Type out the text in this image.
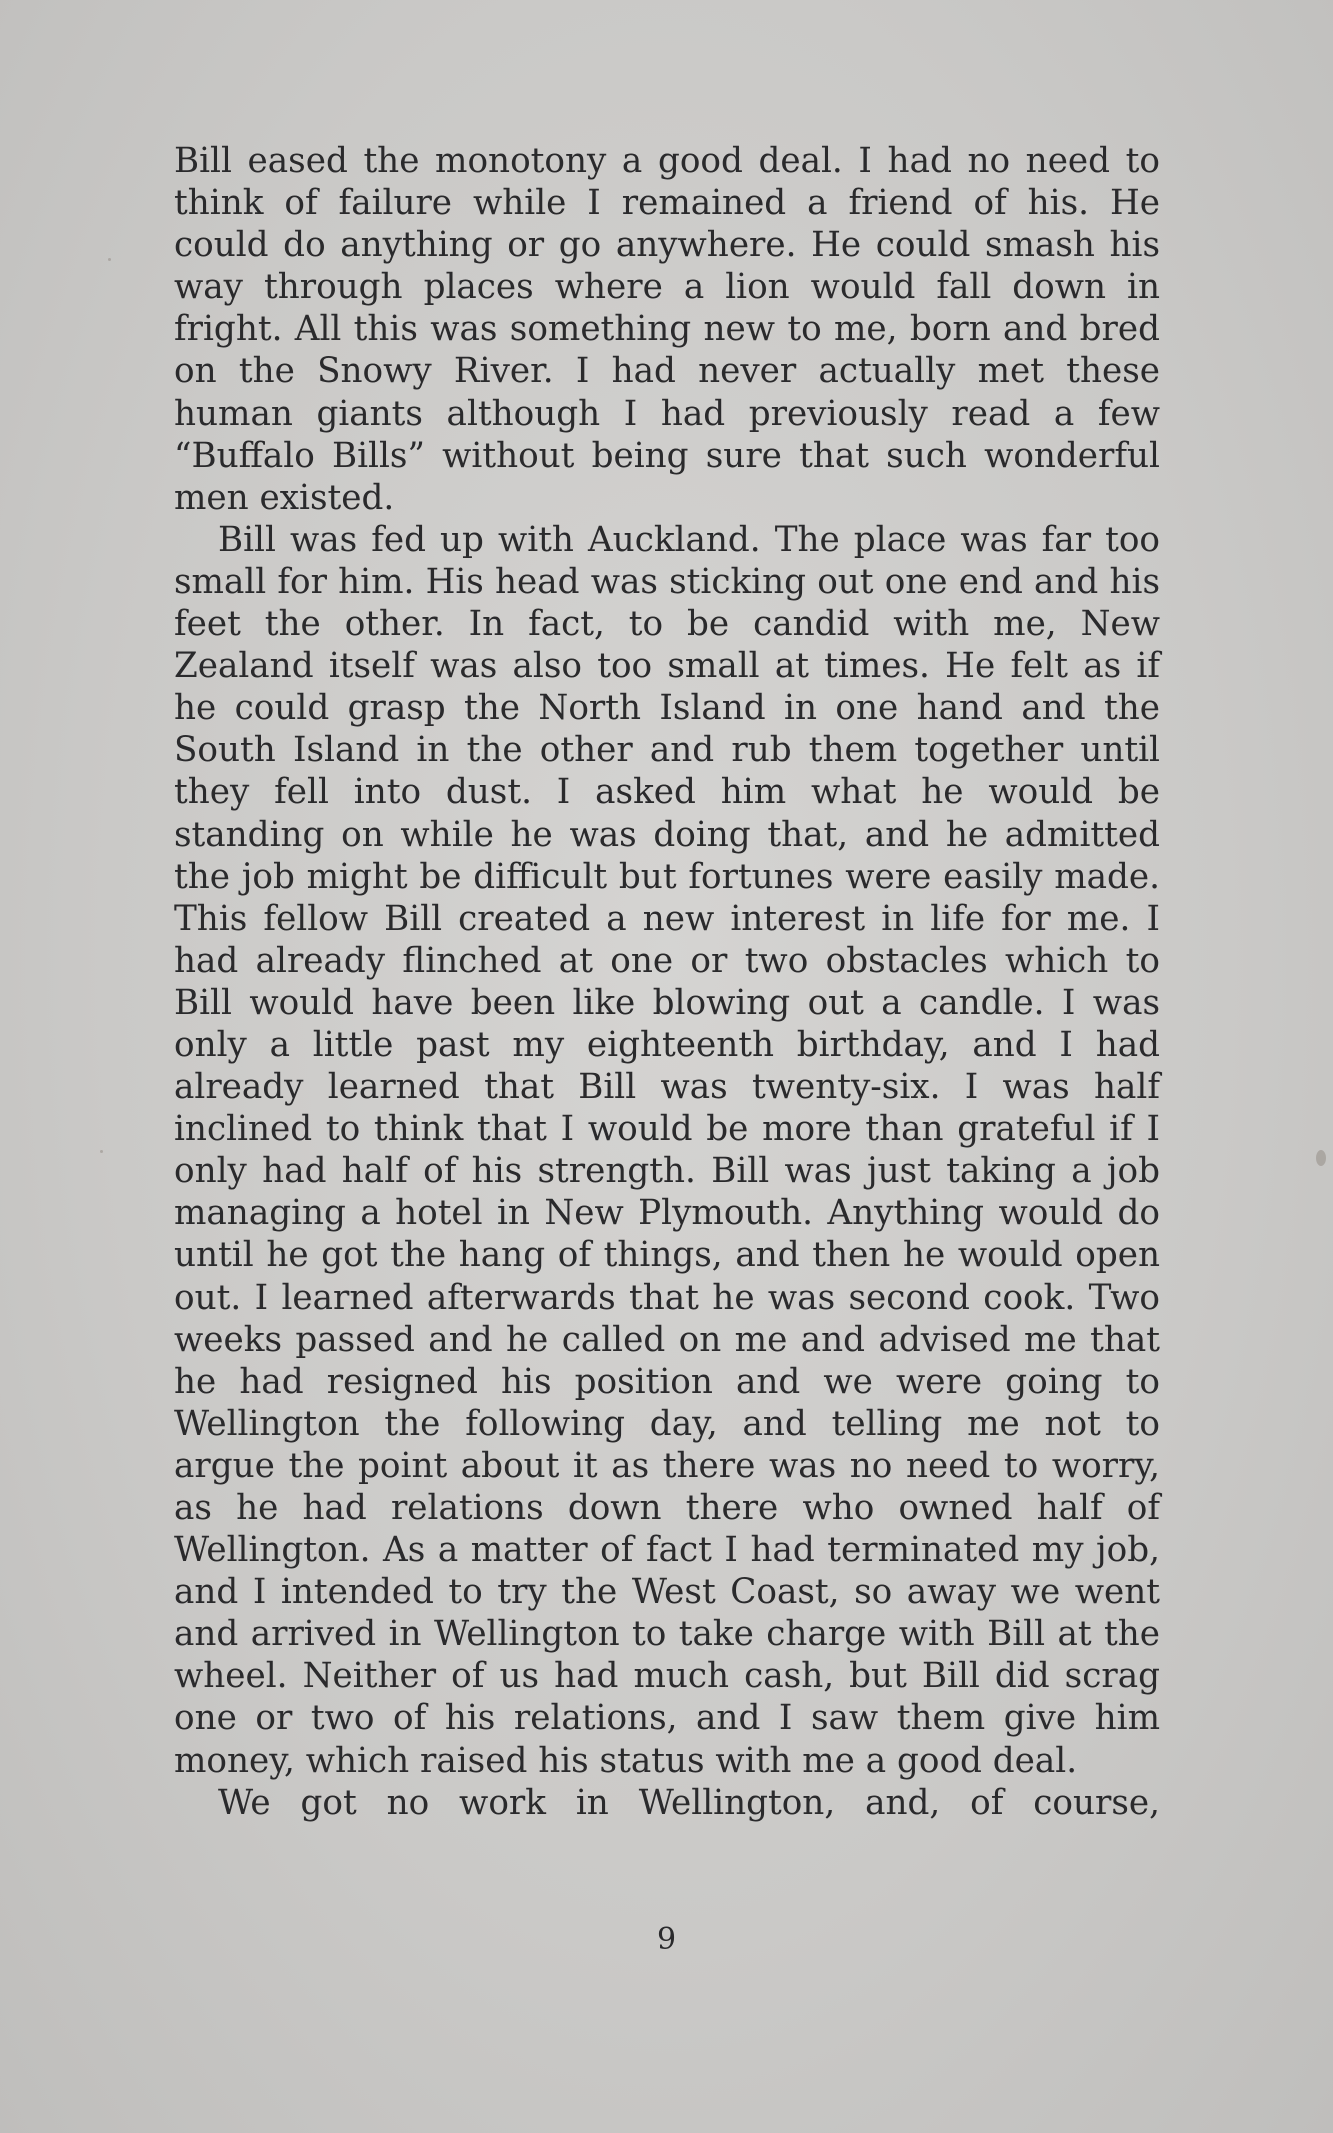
Bill eased the monotony a good deal. I had no need to think of failure while I remained a friend of his. He could do anything or go anywhere. He could smash his way through places where a lion would fall down in fright. All this was something new to me, born and bred on the Snowy River. I had never actually met these human giants although I had previously read a few “Buffalo Bills” without being sure that such wonderful men existed.

Bill was fed up with Auckland. The place was far too small for him. His head was sticking out one end and his feet the other. In fact, to be candid with me, New Zealand itself was also too small at times. He felt as if he could grasp the North Island in one hand and the South Island in the other and rub them together until they fell into dust. I asked him what he would be standing on while he was doing that, and he admitted the job might be difficult but fortunes were easily made. This fellow Bill created a new interest in life for me. I had already flinched at one or two obstacles which to Bill would have been like blowing out a candle. I was only a little past my eighteenth birthday, and I had already learned that Bill was twenty-six. I was half inclined to think that I would be more than grateful if I only had half of his strength. Bill was just taking a job managing a hotel in New Plymouth. Anything would do until he got the hang of things, and then he would open out. I learned afterwards that he was second cook. Two weeks passed and he called on me and advised me that he had resigned his position and we were going to Wellington the following day, and telling me not to argue the point about it as there was no need to worry, as he had relations down there who owned half of Wellington. As a matter of fact I had terminated my job, and I intended to try the West Coast, so away we went and arrived in Wellington to take charge with Bill at the wheel. Neither of us had much cash, but Bill did scrag one or two of his relations, and I saw them give him money, which raised his status with me a good deal.

We got no work in Wellington, and, of course,

9
